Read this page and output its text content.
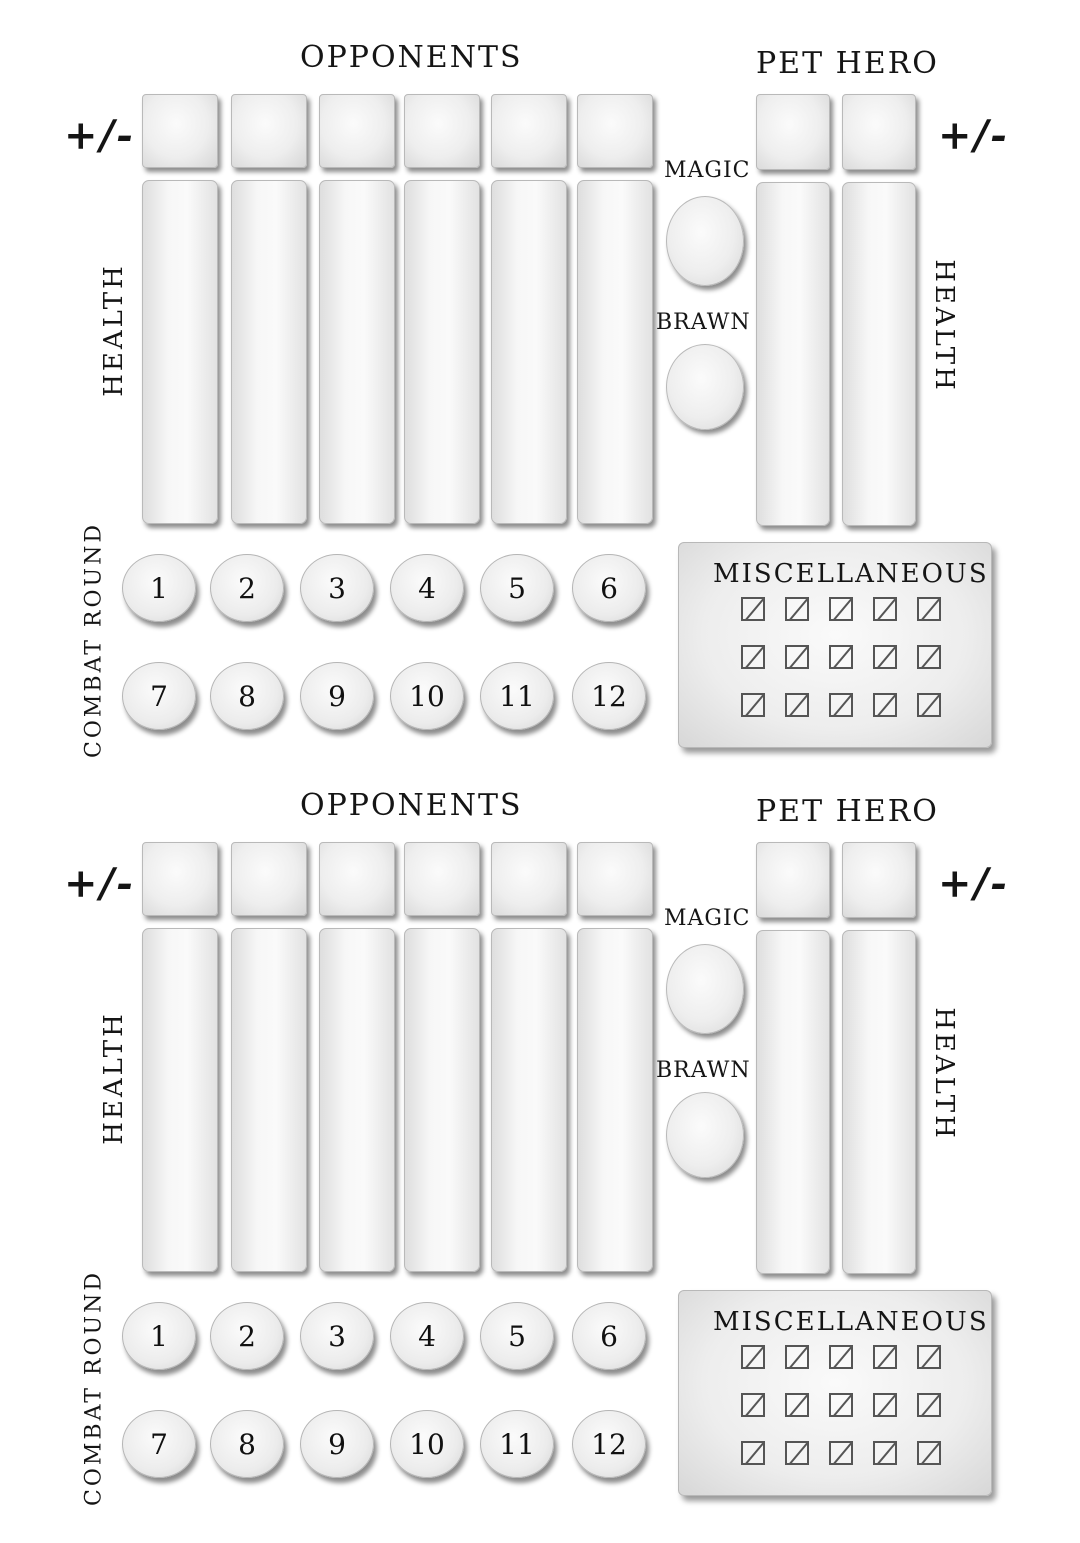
OPPONENTS	PET HERO
+/-	+/-
MAGIC
BRAWN
HEALTH	HEALTH
COMBAT ROUND	1	2	3	4	5	6
7	8	9	10	11	12
MISCELLANEOUS
OPPONENTS	PET HERO
+/-	+/-
MAGIC
BRAWN
HEALTH	HEALTH
COMBAT ROUND	1	2	3	4	5	6
7	8	9	10	11	12
MISCELLANEOUS
